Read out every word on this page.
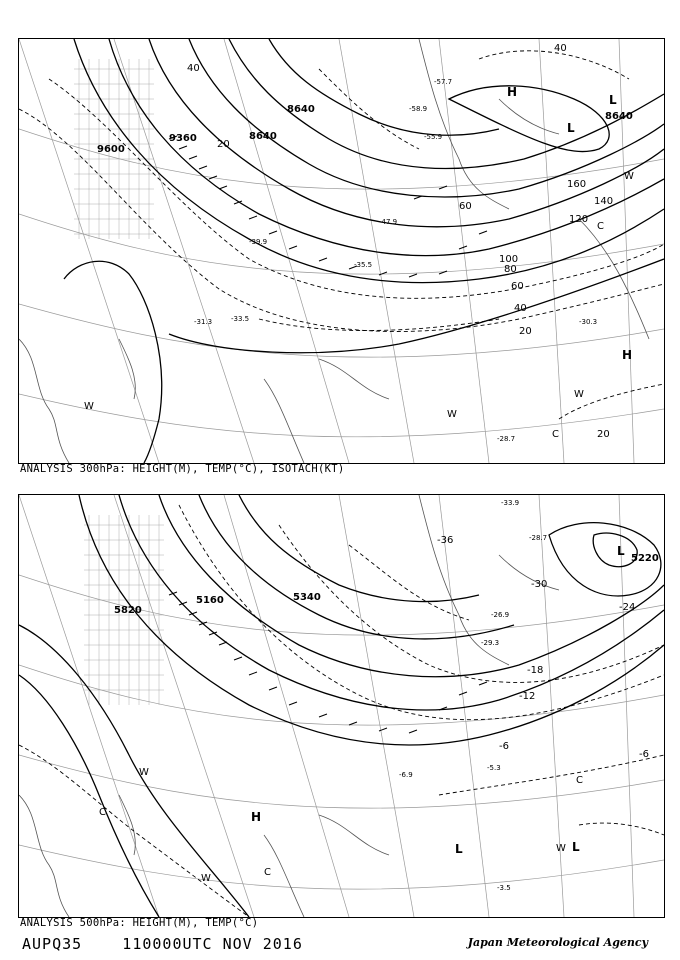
9600
9360
8640
8640
8640
20
40
60
80
100
120
140
160
40
60
20
40
20
-31.3	-33.5
-35.5
-30.3
-28.7
-57.7
-58.9
-55.9
-47.9
-39.9
H
L
L
H
W
W
W
W
C
C
ANALYSIS 300hPa: HEIGHT(M), TEMP(°C), ISOTACH(KT)
5820
5340
5220
5160
-36
-30
-24
-18
-12
-6
-6
-5.3
-6.9
-3.5
-26.9
-29.3
-33.9
-28.7
L
H
L	W L
W
W
C
C
C
ANALYSIS 500hPa: HEIGHT(M), TEMP(°C)
AUPQ35    110000UTC NOV 2016	Japan Meteorological Agency
